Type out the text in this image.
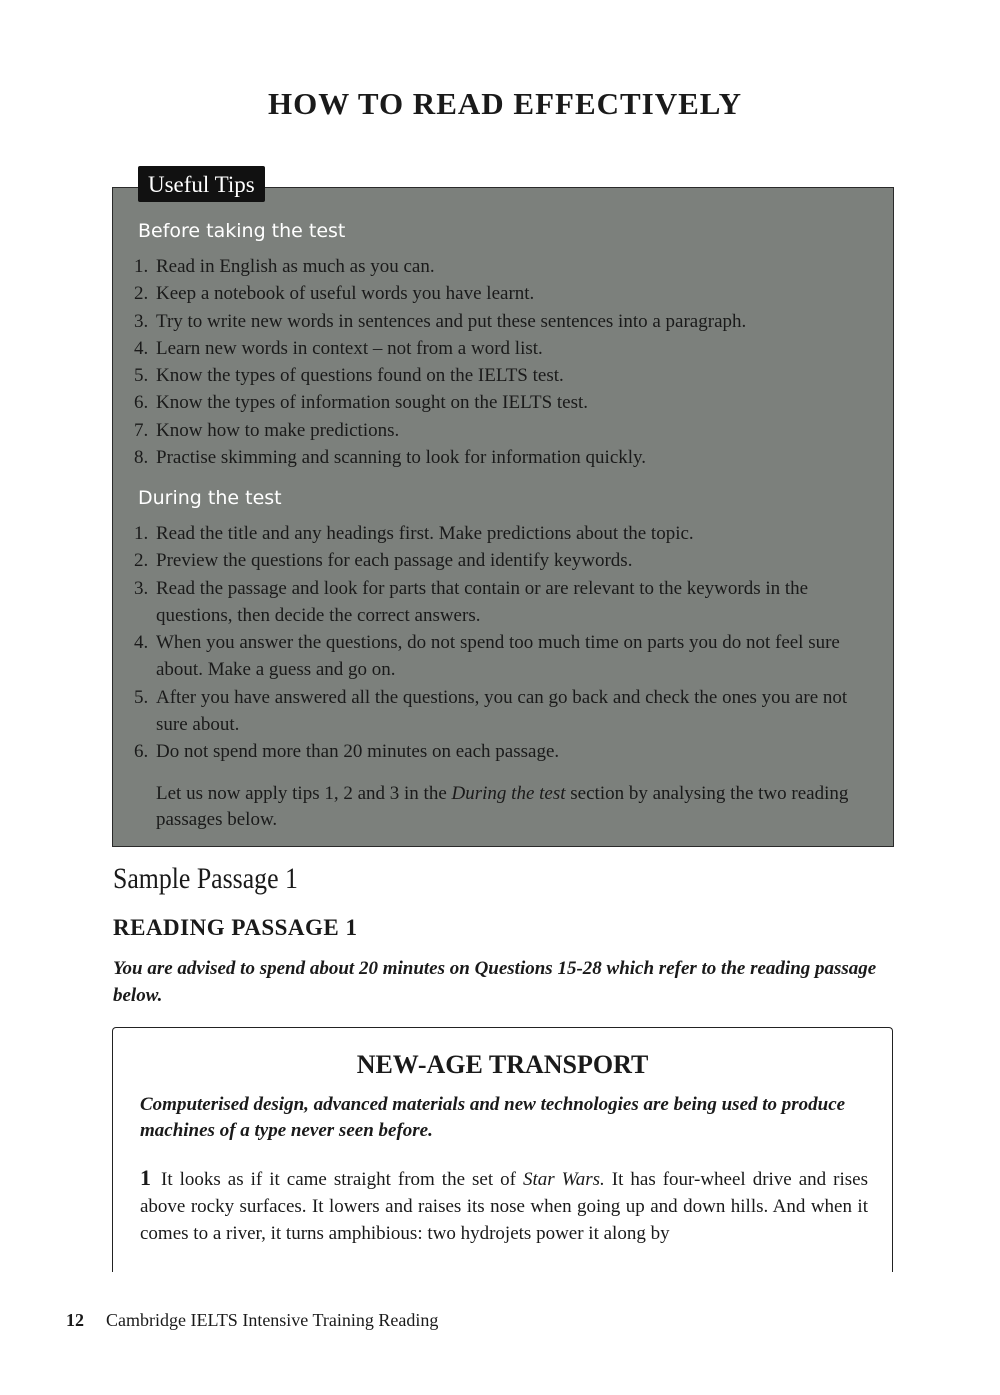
HOW TO READ EFFECTIVELY
Useful Tips
Before taking the test
1. Read in English as much as you can.
2. Keep a notebook of useful words you have learnt.
3. Try to write new words in sentences and put these sentences into a paragraph.
4. Learn new words in context – not from a word list.
5. Know the types of questions found on the IELTS test.
6. Know the types of information sought on the IELTS test.
7. Know how to make predictions.
8. Practise skimming and scanning to look for information quickly.
During the test
1. Read the title and any headings first. Make predictions about the topic.
2. Preview the questions for each passage and identify keywords.
3. Read the passage and look for parts that contain or are relevant to the keywords in the questions, then decide the correct answers.
4. When you answer the questions, do not spend too much time on parts you do not feel sure about. Make a guess and go on.
5. After you have answered all the questions, you can go back and check the ones you are not sure about.
6. Do not spend more than 20 minutes on each passage.
Let us now apply tips 1, 2 and 3 in the During the test section by analysing the two reading passages below.
Sample Passage 1
READING PASSAGE 1
You are advised to spend about 20 minutes on Questions 15-28 which refer to the reading passage below.
NEW-AGE TRANSPORT
Computerised design, advanced materials and new technologies are being used to produce machines of a type never seen before.
1 It looks as if it came straight from the set of Star Wars. It has four-wheel drive and rises above rocky surfaces. It lowers and raises its nose when going up and down hills. And when it comes to a river, it turns amphibious: two hydrojets power it along by
12 Cambridge IELTS Intensive Training Reading
